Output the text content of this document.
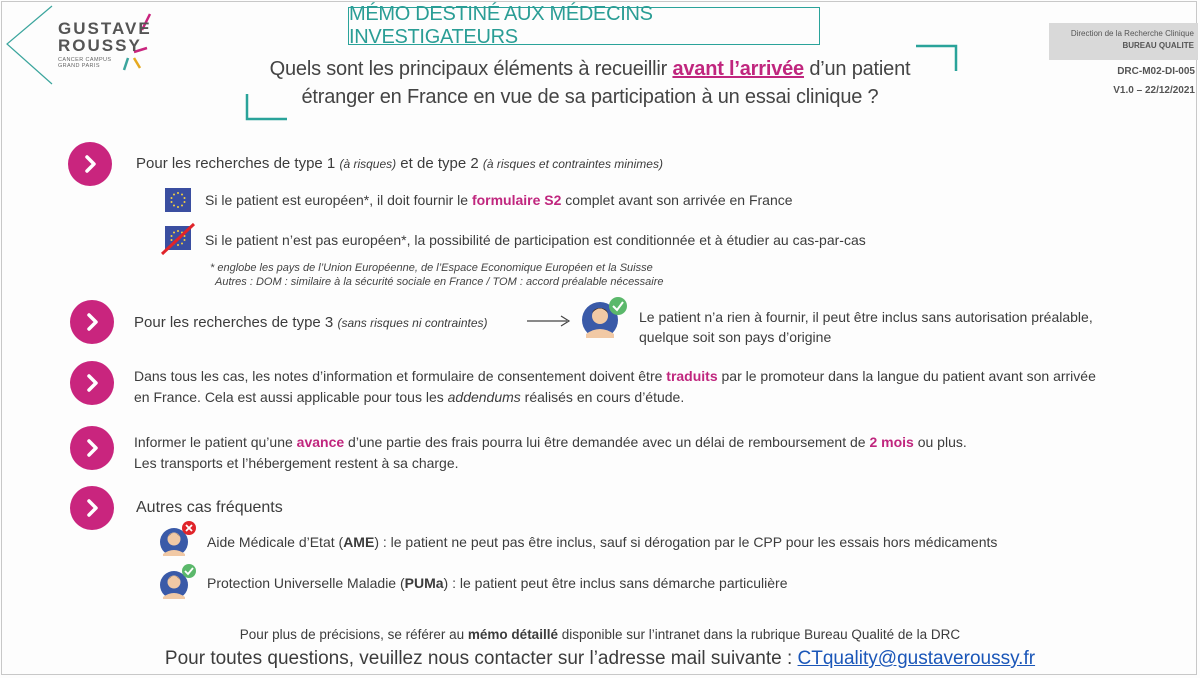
GUSTAVE
ROUSSY
CANCER CAMPUS
GRAND PARIS
MÉMO DESTINÉ AUX MÉDECINS INVESTIGATEURS
Quels sont les principaux éléments à recueillir avant l’arrivée d’un patient
étranger en France en vue de sa participation à un essai clinique ?
Direction de la Recherche Clinique
BUREAU QUALITE
DRC-M02-DI-005
V1.0 – 22/12/2021
Pour les recherches de type 1 (à risques) et de type 2 (à risques et contraintes minimes)
Si le patient est européen*, il doit fournir le formulaire S2 complet avant son arrivée en France
Si le patient n’est pas européen*, la possibilité de participation est conditionnée et à étudier au cas-par-cas
* englobe les pays de l’Union Européenne, de l’Espace Economique Européen et la Suisse
Autres : DOM : similaire à la sécurité sociale en France / TOM : accord préalable nécessaire
Pour les recherches de type 3 (sans risques ni contraintes)	Le patient n’a rien à fournir, il peut être inclus sans autorisation préalable,
quelque soit son pays d’origine
Dans tous les cas, les notes d’information et formulaire de consentement doivent être traduits par le promoteur dans la langue du patient avant son arrivée
en France. Cela est aussi applicable pour tous les addendums réalisés en cours d’étude.
Informer le patient qu’une avance d’une partie des frais pourra lui être demandée avec un délai de remboursement de 2 mois ou plus.
Les transports et l’hébergement restent à sa charge.
Autres cas fréquents
Aide Médicale d’Etat (AME) : le patient ne peut pas être inclus, sauf si dérogation par le CPP pour les essais hors médicaments
Protection Universelle Maladie (PUMa) : le patient peut être inclus sans démarche particulière
Pour plus de précisions, se référer au mémo détaillé disponible sur l’intranet dans la rubrique Bureau Qualité de la DRC
Pour toutes questions, veuillez nous contacter sur l’adresse mail suivante : CTquality@gustaveroussy.fr
